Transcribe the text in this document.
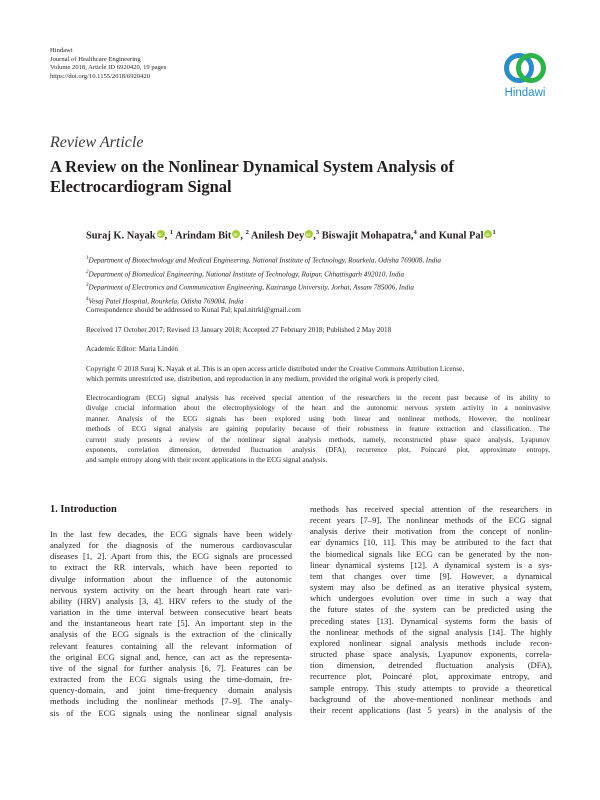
Hindawi
Journal of Healthcare Engineering
Volume 2018, Article ID 6920420, 19 pages
https://doi.org/10.1155/2018/6920420
Hindawi
Review Article
A Review on the Nonlinear Dynamical System Analysis of
Electrocardiogram Signal
Suraj K. Nayak iD , $^1$ Arindam Bit iD , $^2$ Anilesh Dey iD ,$^3$ Biswajit Mohapatra,$^4$ and Kunal Pal iD $^1$
$^1$Department of Biotechnology and Medical Engineering, National Institute of Technology, Rourkela, Odisha 769008, India
$^2$Department of Biomedical Engineering, National Institute of Technology, Raipur, Chhattisgarh 492010, India
$^3$Department of Electronics and Communication Engineering, Kaziranga University, Jorhat, Assam 785006, India
$^4$Vesaj Patel Hospital, Rourkela, Odisha 769004, India
Correspondence should be addressed to Kunal Pal; kpal.nitrkl@gmail.com
Received 17 October 2017; Revised 13 January 2018; Accepted 27 February 2018; Published 2 May 2018
Academic Editor: Maria Lindén
Copyright © 2018 Suraj K. Nayak et al. This is an open access article distributed under the Creative Commons Attribution License,
which permits unrestricted use, distribution, and reproduction in any medium, provided the original work is properly cited.
Electrocardiogram (ECG) signal analysis has received special attention of the researchers in the recent past because of its ability to
divulge crucial information about the electrophysiology of the heart and the autonomic nervous system activity in a noninvasive
manner. Analysis of the ECG signals has been explored using both linear and nonlinear methods. However, the nonlinear
methods of ECG signal analysis are gaining popularity because of their robustness in feature extraction and classification. The
current study presents a review of the nonlinear signal analysis methods, namely, reconstructed phase space analysis, Lyapunov
exponents, correlation dimension, detrended fluctuation analysis (DFA), recurrence plot, Poincaré plot, approximate entropy,
and sample entropy along with their recent applications in the ECG signal analysis.
1. Introduction
In the last few decades, the ECG signals have been widely
analyzed for the diagnosis of the numerous cardiovascular
diseases [1, 2]. Apart from this, the ECG signals are processed
to extract the RR intervals, which have been reported to
divulge information about the influence of the autonomic
nervous system activity on the heart through heart rate vari-
ability (HRV) analysis [3, 4]. HRV refers to the study of the
variation in the time interval between consecutive heart beats
and the instantaneous heart rate [5]. An important step in the
analysis of the ECG signals is the extraction of the clinically
relevant features containing all the relevant information of
the original ECG signal and, hence, can act as the representa-
tive of the signal for further analysis [6, 7]. Features can be
extracted from the ECG signals using the time-domain, fre-
quency-domain, and joint time-frequency domain analysis
methods including the nonlinear methods [7–9]. The analy-
sis of the ECG signals using the nonlinear signal analysis
methods has received special attention of the researchers in
recent years [7–9]. The nonlinear methods of the ECG signal
analysis derive their motivation from the concept of nonlin-
ear dynamics [10, 11]. This may be attributed to the fact that
the biomedical signals like ECG can be generated by the non-
linear dynamical systems [12]. A dynamical system is a sys-
tem that changes over time [9]. However, a dynamical
system may also be defined as an iterative physical system,
which undergoes evolution over time in such a way that
the future states of the system can be predicted using the
preceding states [13]. Dynamical systems form the basis of
the nonlinear methods of the signal analysis [14]. The highly
explored nonlinear signal analysis methods include recon-
structed phase space analysis, Lyapunov exponents, correla-
tion dimension, detrended fluctuation analysis (DFA),
recurrence plot, Poincaré plot, approximate entropy, and
sample entropy. This study attempts to provide a theoretical
background of the above-mentioned nonlinear methods and
their recent applications (last 5 years) in the analysis of the
